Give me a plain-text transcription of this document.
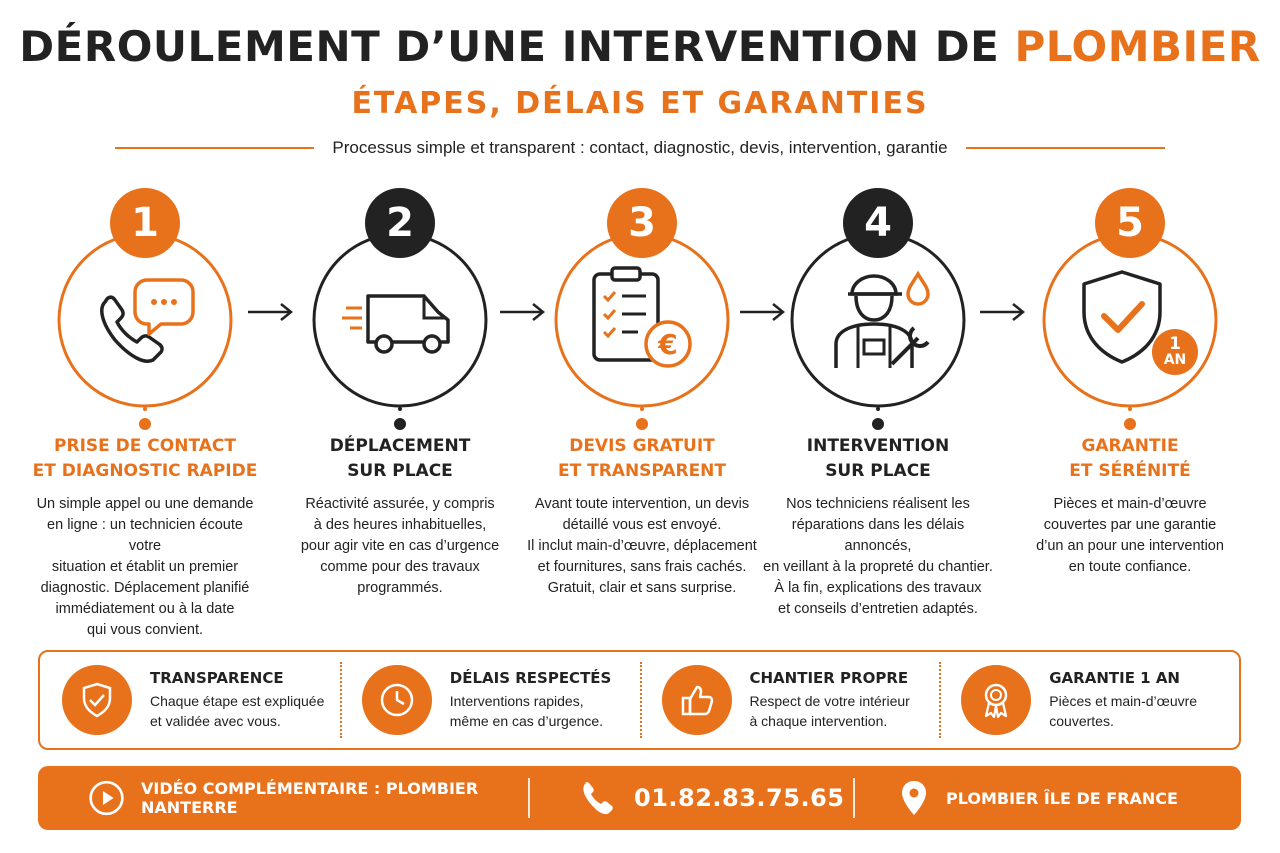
DÉROULEMENT D’UNE INTERVENTION DE PLOMBIER
ÉTAPES, DÉLAIS ET GARANTIES
Processus simple et transparent : contact, diagnostic, devis, intervention, garantie
1
PRISE DE CONTACT
ET DIAGNOSTIC RAPIDE
Un simple appel ou une demande
en ligne : un technicien écoute votre
situation et établit un premier
diagnostic. Déplacement planifié
immédiatement ou à la date
qui vous convient.
2
DÉPLACEMENT
SUR PLACE
Réactivité assurée, y compris
à des heures inhabituelles,
pour agir vite en cas d’urgence
comme pour des travaux
programmés.
3
€
DEVIS GRATUIT
ET TRANSPARENT
Avant toute intervention, un devis
détaillé vous est envoyé.
Il inclut main-d’œuvre, déplacement
et fournitures, sans frais cachés.
Gratuit, clair et sans surprise.
4
INTERVENTION
SUR PLACE
Nos techniciens réalisent les
réparations dans les délais annoncés,
en veillant à la propreté du chantier.
À la fin, explications des travaux
et conseils d’entretien adaptés.
5
1
AN
GARANTIE
ET SÉRÉNITÉ
Pièces et main-d’œuvre
couvertes par une garantie
d’un an pour une intervention
en toute confiance.
TRANSPARENCE
Chaque étape est expliquée
et validée avec vous.
DÉLAIS RESPECTÉS
Interventions rapides,
même en cas d’urgence.
CHANTIER PROPRE
Respect de votre intérieur
à chaque intervention.
GARANTIE 1 AN
Pièces et main-d’œuvre
couvertes.
VIDÉO COMPLÉMENTAIRE : PLOMBIER NANTERRE	01.82.83.75.65	PLOMBIER ÎLE DE FRANCE
